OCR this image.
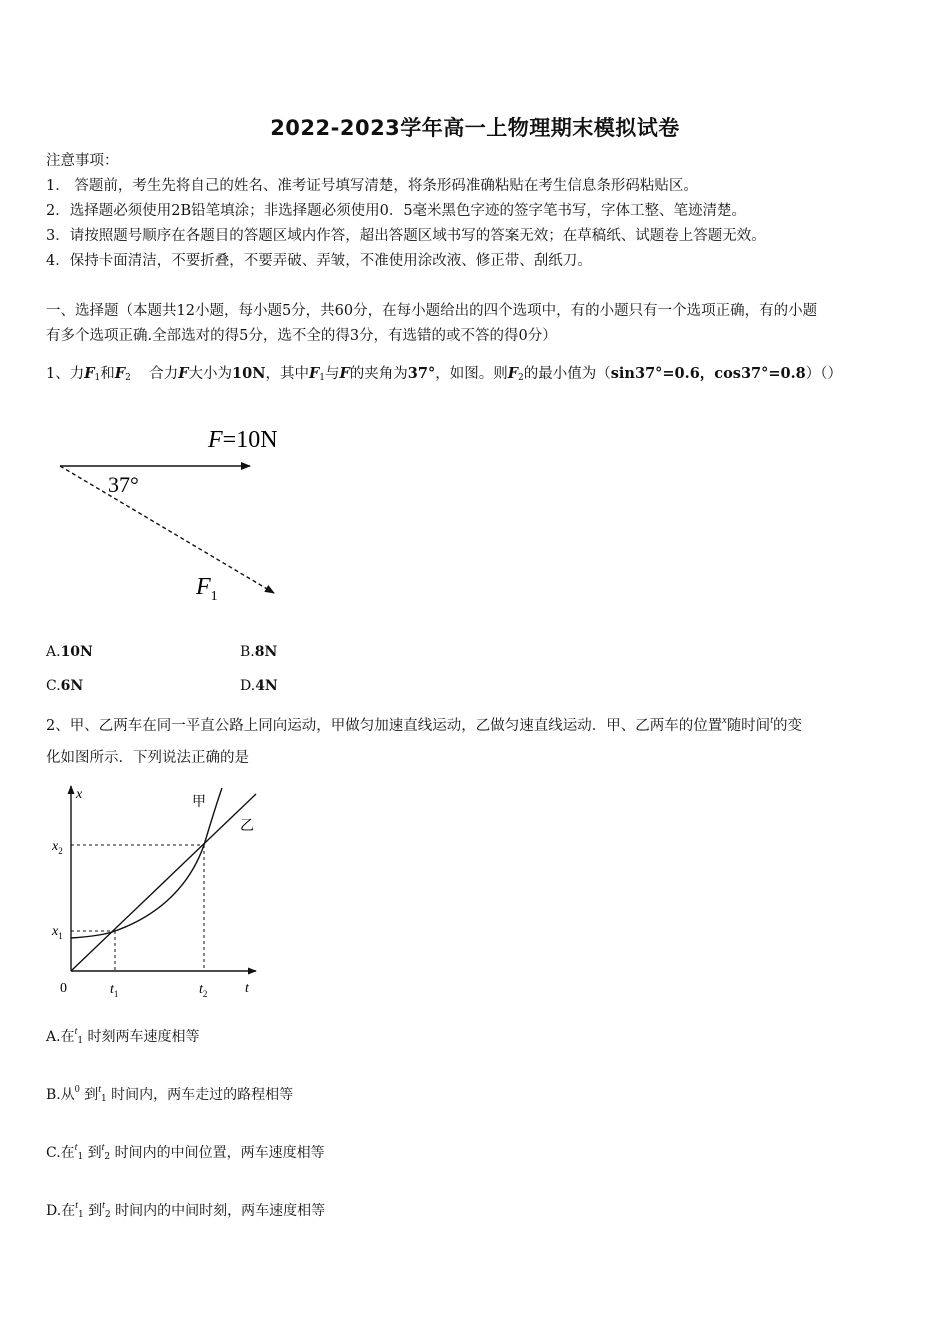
2022-2023学年高一上物理期末模拟试卷
注意事项：
1． 答题前，考生先将自己的姓名、准考证号填写清楚，将条形码准确粘贴在考生信息条形码粘贴区。
2．选择题必须使用2B铅笔填涂；非选择题必须使用0．5毫米黑色字迹的签字笔书写，字体工整、笔迹清楚。
3．请按照题号顺序在各题目的答题区域内作答，超出答题区域书写的答案无效；在草稿纸、试题卷上答题无效。
4．保持卡面清洁，不要折叠，不要弄破、弄皱，不准使用涂改液、修正带、刮纸刀。
一、选择题（本题共12小题，每小题5分，共60分，在每小题给出的四个选项中，有的小题只有一个选项正确，有的小题
有多个选项正确.全部选对的得5分，选不全的得3分，有选错的或不答的得0分）
1、力F1和F2 合力F大小为10N，其中F1与F的夹角为37°，如图。则F2的最小值为（sin37°=0.6，cos37°=0.8）（）
F=10N
37°
$F_1$
A.10N	B.8N
C.6N	D.4N
2、甲、乙两车在同一平直公路上同向运动，甲做匀加速直线运动，乙做匀速直线运动．甲、乙两车的位置$^x$随时间$^t$的变
化如图所示．下列说法正确的是
x
t
0
$x_1$
$x_2$
$t_1$	$t_2$
甲
乙
A.在$^t$1 时刻两车速度相等
B.从$^0$ 到$^t$1 时间内，两车走过的路程相等
C.在$^t$1 到$^t$2 时间内的中间位置，两车速度相等
D.在$^t$1 到$^t$2 时间内的中间时刻，两车速度相等
